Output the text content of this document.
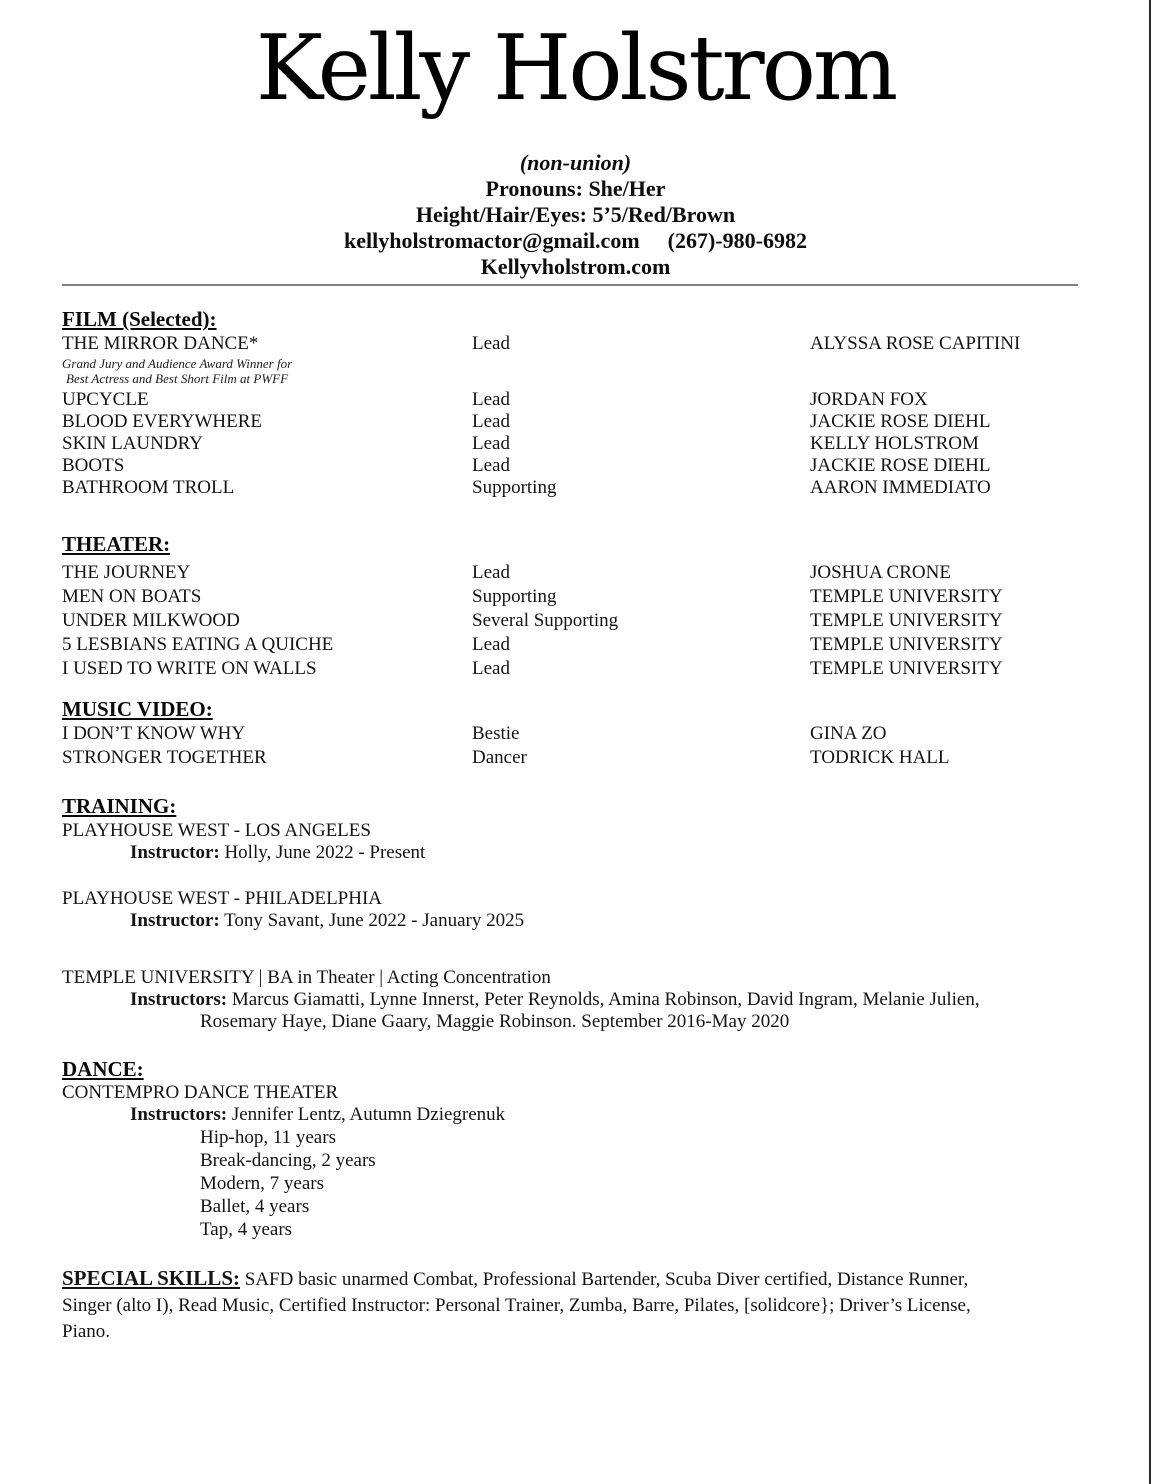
Kelly Holstrom
(non-union)
Pronouns: She/Her
Height/Hair/Eyes: 5’5/Red/Brown
kellyholstromactor@gmail.com (267)-980-6982
Kellyvholstrom.com
FILM (Selected):
THE MIRROR DANCE*	Lead	ALYSSA ROSE CAPITINI
Grand Jury and Audience Award Winner for
Best Actress and Best Short Film at PWFF
UPCYCLE	Lead	JORDAN FOX
BLOOD EVERYWHERE	Lead	JACKIE ROSE DIEHL
SKIN LAUNDRY	Lead	KELLY HOLSTROM
BOOTS	Lead	JACKIE ROSE DIEHL
BATHROOM TROLL	Supporting	AARON IMMEDIATO
THEATER:
THE JOURNEY	Lead	JOSHUA CRONE
MEN ON BOATS	Supporting	TEMPLE UNIVERSITY
UNDER MILKWOOD	Several Supporting	TEMPLE UNIVERSITY
5 LESBIANS EATING A QUICHE	Lead	TEMPLE UNIVERSITY
I USED TO WRITE ON WALLS	Lead	TEMPLE UNIVERSITY
MUSIC VIDEO:
I DON’T KNOW WHY	Bestie	GINA ZO
STRONGER TOGETHER	Dancer	TODRICK HALL
TRAINING:
PLAYHOUSE WEST - LOS ANGELES
Instructor: Holly, June 2022 - Present
PLAYHOUSE WEST - PHILADELPHIA
Instructor: Tony Savant, June 2022 - January 2025
TEMPLE UNIVERSITY | BA in Theater | Acting Concentration
Instructors: Marcus Giamatti, Lynne Innerst, Peter Reynolds, Amina Robinson, David Ingram, Melanie Julien,
Rosemary Haye, Diane Gaary, Maggie Robinson. September 2016-May 2020
DANCE:
CONTEMPRO DANCE THEATER
Instructors: Jennifer Lentz, Autumn Dziegrenuk
Hip-hop, 11 years
Break-dancing, 2 years
Modern, 7 years
Ballet, 4 years
Tap, 4 years
SPECIAL SKILLS: SAFD basic unarmed Combat, Professional Bartender, Scuba Diver certified, Distance Runner,
Singer (alto I), Read Music, Certified Instructor: Personal Trainer, Zumba, Barre, Pilates, [solidcore}; Driver’s License,
Piano.
